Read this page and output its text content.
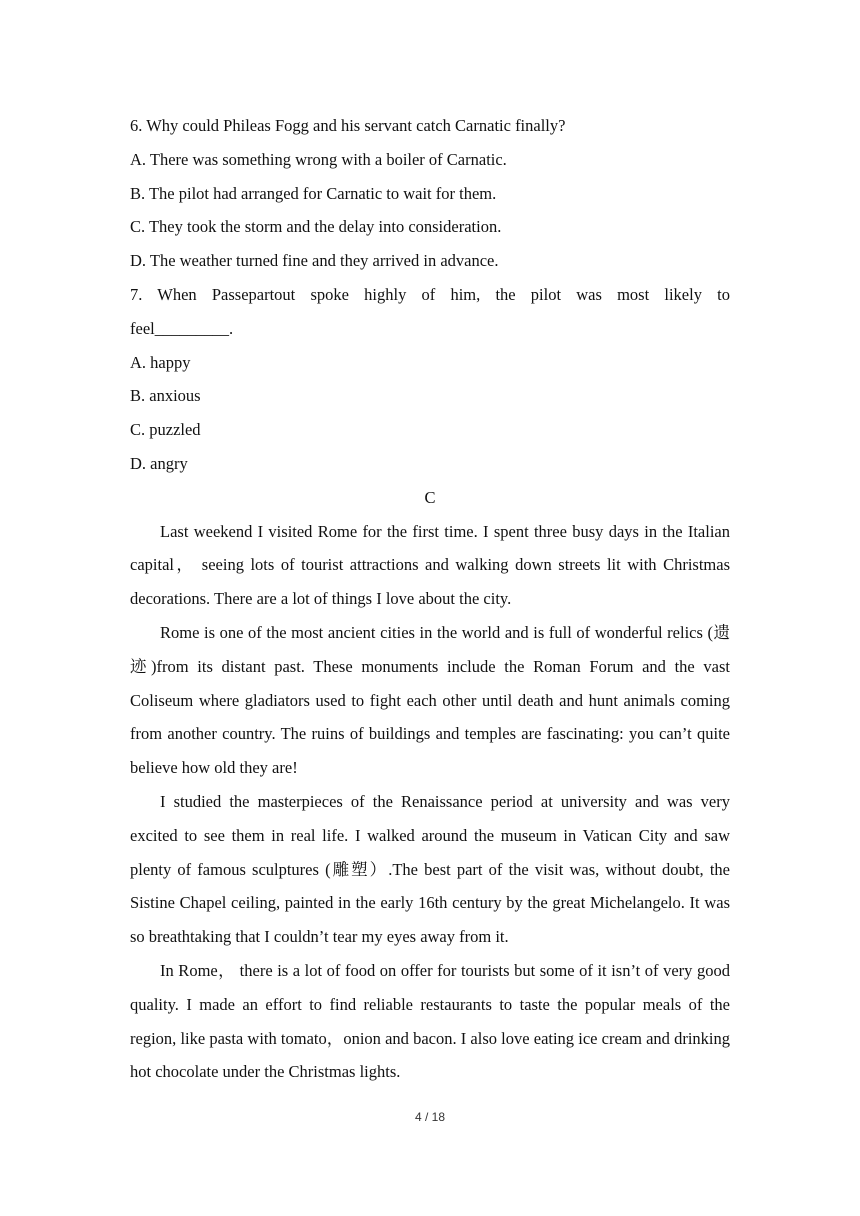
6. Why could Phileas Fogg and his servant catch Carnatic finally?

A. There was something wrong with a boiler of Carnatic.

B. The pilot had arranged for Carnatic to wait for them.

C. They took the storm and the delay into consideration.

D. The weather turned fine and they arrived in advance.

7. When Passepartout spoke highly of him, the pilot was most likely to

feel_________.

A. happy

B. anxious

C. puzzled

D. angry

C

Last weekend I visited Rome for the first time. I spent three busy days in the Italian capital， seeing lots of tourist attractions and walking down streets lit with Christmas decorations. There are a lot of things I love about the city.

Rome is one of the most ancient cities in the world and is full of wonderful relics (遗迹)from its distant past. These monuments include the Roman Forum and the vast Coliseum where gladiators used to fight each other until death and hunt animals coming from another country. The ruins of buildings and temples are fascinating: you can’t quite believe how old they are!

I studied the masterpieces of the Renaissance period at university and was very excited to see them in real life. I walked around the museum in Vatican City and saw plenty of famous sculptures (雕塑）.The best part of the visit was, without doubt, the Sistine Chapel ceiling, painted in the early 16th century by the great Michelangelo. It was so breathtaking that I couldn’t tear my eyes away from it.

In Rome， there is a lot of food on offer for tourists but some of it isn’t of very good quality. I made an effort to find reliable restaurants to taste the popular meals of the region, like pasta with tomato，onion and bacon. I also love eating ice cream and drinking hot chocolate under the Christmas lights.

4 / 18
